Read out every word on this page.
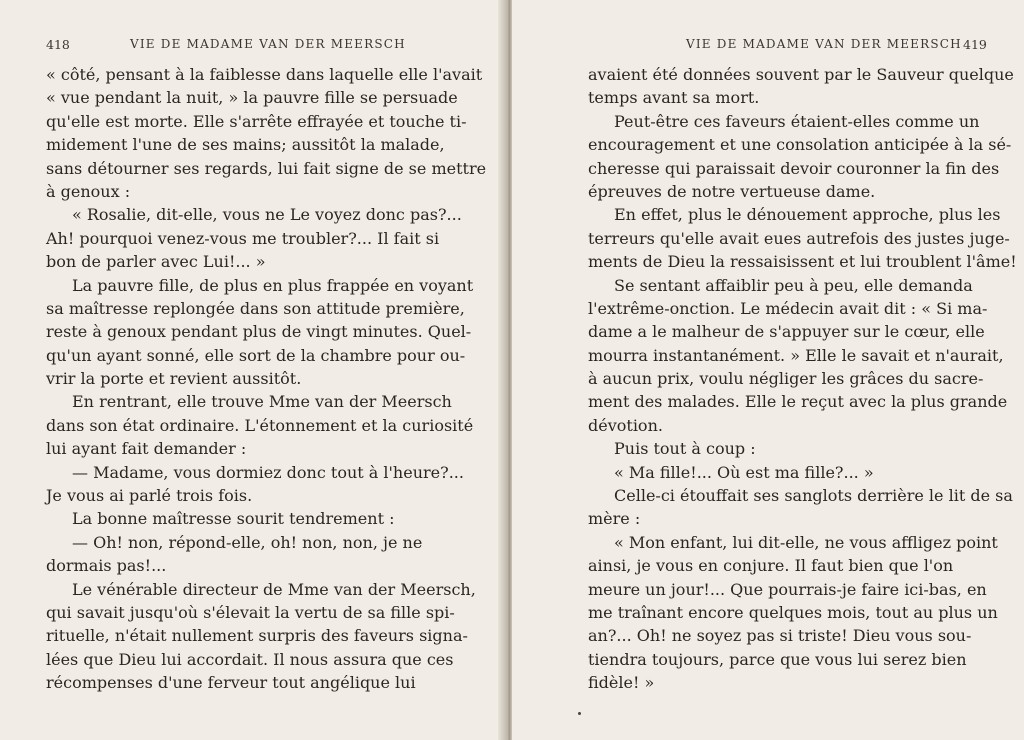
418	VIE DE MADAME VAN DER MEERSCH
« côté, pensant à la faiblesse dans laquelle elle l'avait
« vue pendant la nuit, » la pauvre fille se persuade
qu'elle est morte. Elle s'arrête effrayée et touche ti-
midement l'une de ses mains; aussitôt la malade,
sans détourner ses regards, lui fait signe de se mettre
à genoux :
« Rosalie, dit-elle, vous ne Le voyez donc pas?...
Ah! pourquoi venez-vous me troubler?... Il fait si
bon de parler avec Lui!... »
La pauvre fille, de plus en plus frappée en voyant
sa maîtresse replongée dans son attitude première,
reste à genoux pendant plus de vingt minutes. Quel-
qu'un ayant sonné, elle sort de la chambre pour ou-
vrir la porte et revient aussitôt.
En rentrant, elle trouve Mme van der Meersch
dans son état ordinaire. L'étonnement et la curiosité
lui ayant fait demander :
— Madame, vous dormiez donc tout à l'heure?...
Je vous ai parlé trois fois.
La bonne maîtresse sourit tendrement :
— Oh! non, répond-elle, oh! non, non, je ne
dormais pas!...
Le vénérable directeur de Mme van der Meersch,
qui savait jusqu'où s'élevait la vertu de sa fille spi-
rituelle, n'était nullement surpris des faveurs signa-
lées que Dieu lui accordait. Il nous assura que ces
récompenses d'une ferveur tout angélique lui
VIE DE MADAME VAN DER MEERSCH 419
avaient été données souvent par le Sauveur quelque
temps avant sa mort.
Peut-être ces faveurs étaient-elles comme un
encouragement et une consolation anticipée à la sé-
cheresse qui paraissait devoir couronner la fin des
épreuves de notre vertueuse dame.
En effet, plus le dénouement approche, plus les
terreurs qu'elle avait eues autrefois des justes juge-
ments de Dieu la ressaisissent et lui troublent l'âme!
Se sentant affaiblir peu à peu, elle demanda
l'extrême-onction. Le médecin avait dit : « Si ma-
dame a le malheur de s'appuyer sur le cœur, elle
mourra instantanément. » Elle le savait et n'aurait,
à aucun prix, voulu négliger les grâces du sacre-
ment des malades. Elle le reçut avec la plus grande
dévotion.
Puis tout à coup :
« Ma fille!... Où est ma fille?... »
Celle-ci étouffait ses sanglots derrière le lit de sa
mère :
« Mon enfant, lui dit-elle, ne vous affligez point
ainsi, je vous en conjure. Il faut bien que l'on
meure un jour!... Que pourrais-je faire ici-bas, en
me traînant encore quelques mois, tout au plus un
an?... Oh! ne soyez pas si triste! Dieu vous sou-
tiendra toujours, parce que vous lui serez bien
fidèle! »
